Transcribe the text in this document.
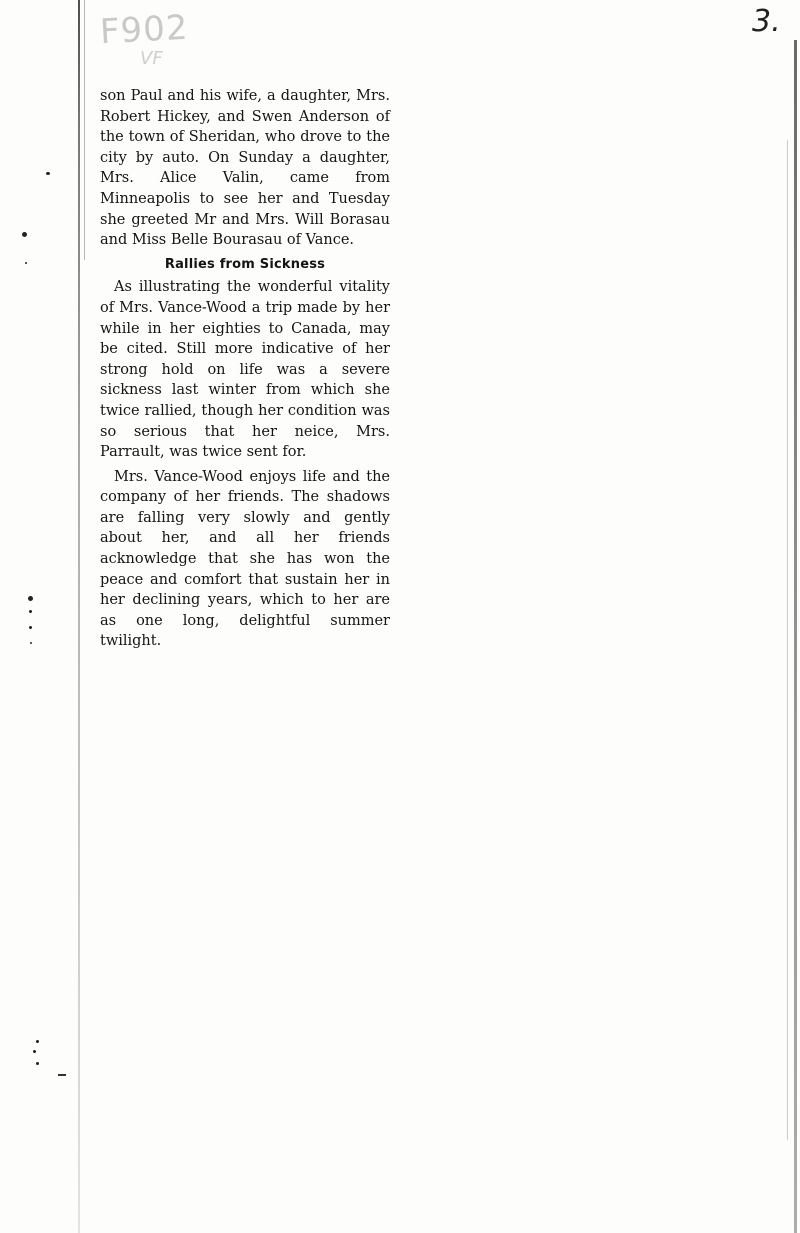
F902
VF
3.

son Paul and his wife, a daughter, Mrs. Robert Hickey, and Swen Anderson of the town of Sheridan, who drove to the city by auto. On Sunday a daughter, Mrs. Alice Valin, came from Minneapolis to see her and Tuesday she greeted Mr and Mrs. Will Borasau and Miss Belle Bourasau of Vance.

Rallies from Sickness

As illustrating the wonderful vitality of Mrs. Vance-Wood a trip made by her while in her eighties to Canada, may be cited. Still more indicative of her strong hold on life was a severe sickness last winter from which she twice rallied, though her condition was so serious that her neice, Mrs. Parrault, was twice sent for.

Mrs. Vance-Wood enjoys life and the company of her friends. The shadows are falling very slowly and gently about her, and all her friends acknowledge that she has won the peace and comfort that sustain her in her declining years, which to her are as one long, delightful summer twilight.
